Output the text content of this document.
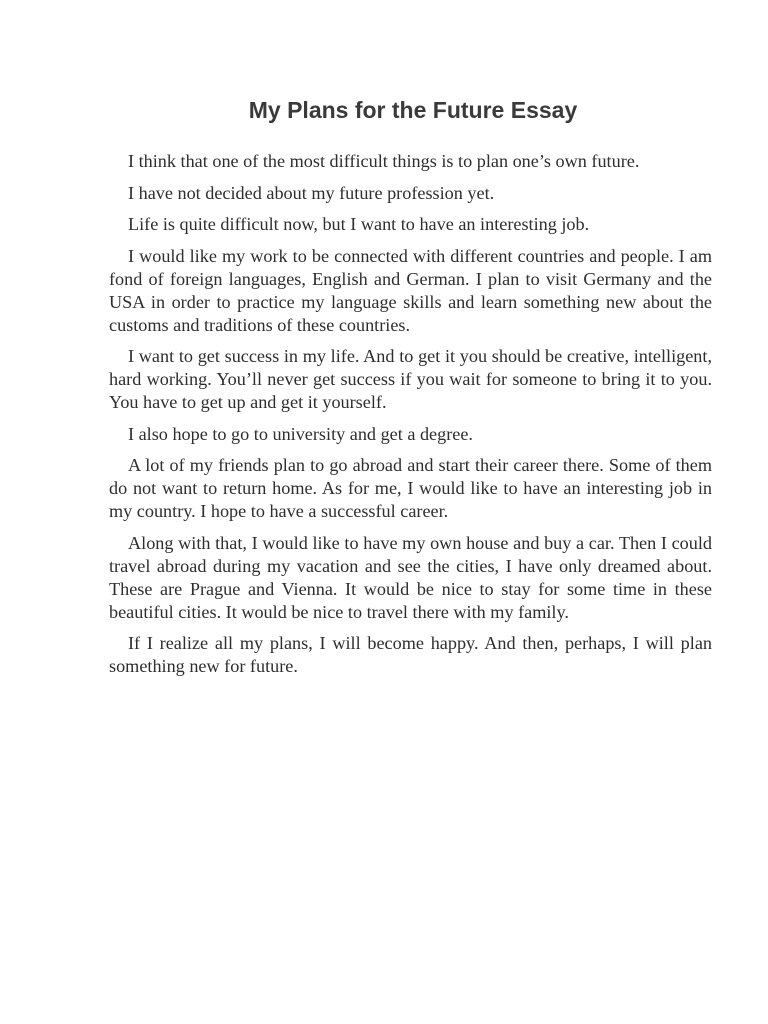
My Plans for the Future Essay

I think that one of the most difficult things is to plan one’s own future.

I have not decided about my future profession yet.

Life is quite difficult now, but I want to have an interesting job.

I would like my work to be connected with different countries and people. I am fond of foreign languages, English and German. I plan to visit Germany and the USA in order to practice my language skills and learn something new about the customs and traditions of these countries.

I want to get success in my life. And to get it you should be creative, intelligent, hard working. You’ll never get success if you wait for someone to bring it to you. You have to get up and get it yourself.

I also hope to go to university and get a degree.

A lot of my friends plan to go abroad and start their career there. Some of them do not want to return home. As for me, I would like to have an interesting job in my country. I hope to have a successful career.

Along with that, I would like to have my own house and buy a car. Then I could travel abroad during my vacation and see the cities, I have only dreamed about. These are Prague and Vienna. It would be nice to stay for some time in these beautiful cities. It would be nice to travel there with my family.

If I realize all my plans, I will become happy. And then, perhaps, I will plan something new for future.
